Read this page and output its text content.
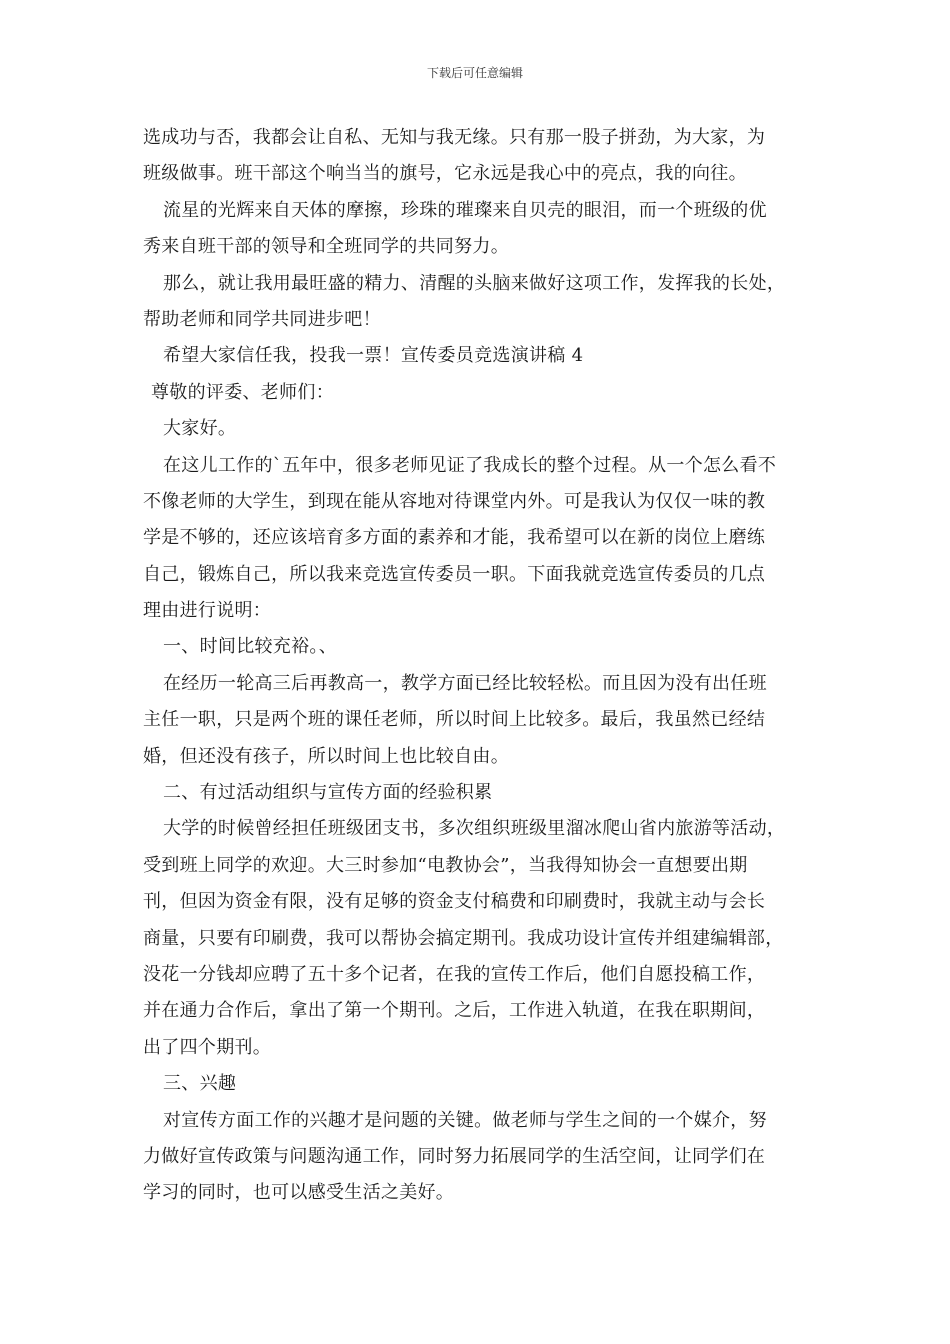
下载后可任意编辑
选成功与否，我都会让自私、无知与我无缘。只有那一股子拼劲，为大家，为
班级做事。班干部这个响当当的旗号，它永远是我心中的亮点，我的向往。
流星的光辉来自天体的摩擦，珍珠的璀璨来自贝壳的眼泪，而一个班级的优
秀来自班干部的领导和全班同学的共同努力。
那么，就让我用最旺盛的精力、清醒的头脑来做好这项工作，发挥我的长处，
帮助老师和同学共同进步吧！
希望大家信任我，投我一票！宣传委员竞选演讲稿 4
尊敬的评委、老师们：
大家好。
在这儿工作的`五年中，很多老师见证了我成长的整个过程。从一个怎么看不
不像老师的大学生，到现在能从容地对待课堂内外。可是我认为仅仅一味的教
学是不够的，还应该培育多方面的素养和才能，我希望可以在新的岗位上磨练
自己，锻炼自己，所以我来竞选宣传委员一职。下面我就竞选宣传委员的几点
理由进行说明：
一、时间比较充裕。、
在经历一轮高三后再教高一，教学方面已经比较轻松。而且因为没有出任班
主任一职，只是两个班的课任老师，所以时间上比较多。最后，我虽然已经结
婚，但还没有孩子，所以时间上也比较自由。
二、有过活动组织与宣传方面的经验积累
大学的时候曾经担任班级团支书，多次组织班级里溜冰爬山省内旅游等活动，
受到班上同学的欢迎。大三时参加“电教协会”，当我得知协会一直想要出期
刊，但因为资金有限，没有足够的资金支付稿费和印刷费时，我就主动与会长
商量，只要有印刷费，我可以帮协会搞定期刊。我成功设计宣传并组建编辑部，
没花一分钱却应聘了五十多个记者，在我的宣传工作后，他们自愿投稿工作，
并在通力合作后，拿出了第一个期刊。之后，工作进入轨道，在我在职期间，
出了四个期刊。
三、兴趣
对宣传方面工作的兴趣才是问题的关键。做老师与学生之间的一个媒介，努
力做好宣传政策与问题沟通工作，同时努力拓展同学的生活空间，让同学们在
学习的同时，也可以感受生活之美好。
